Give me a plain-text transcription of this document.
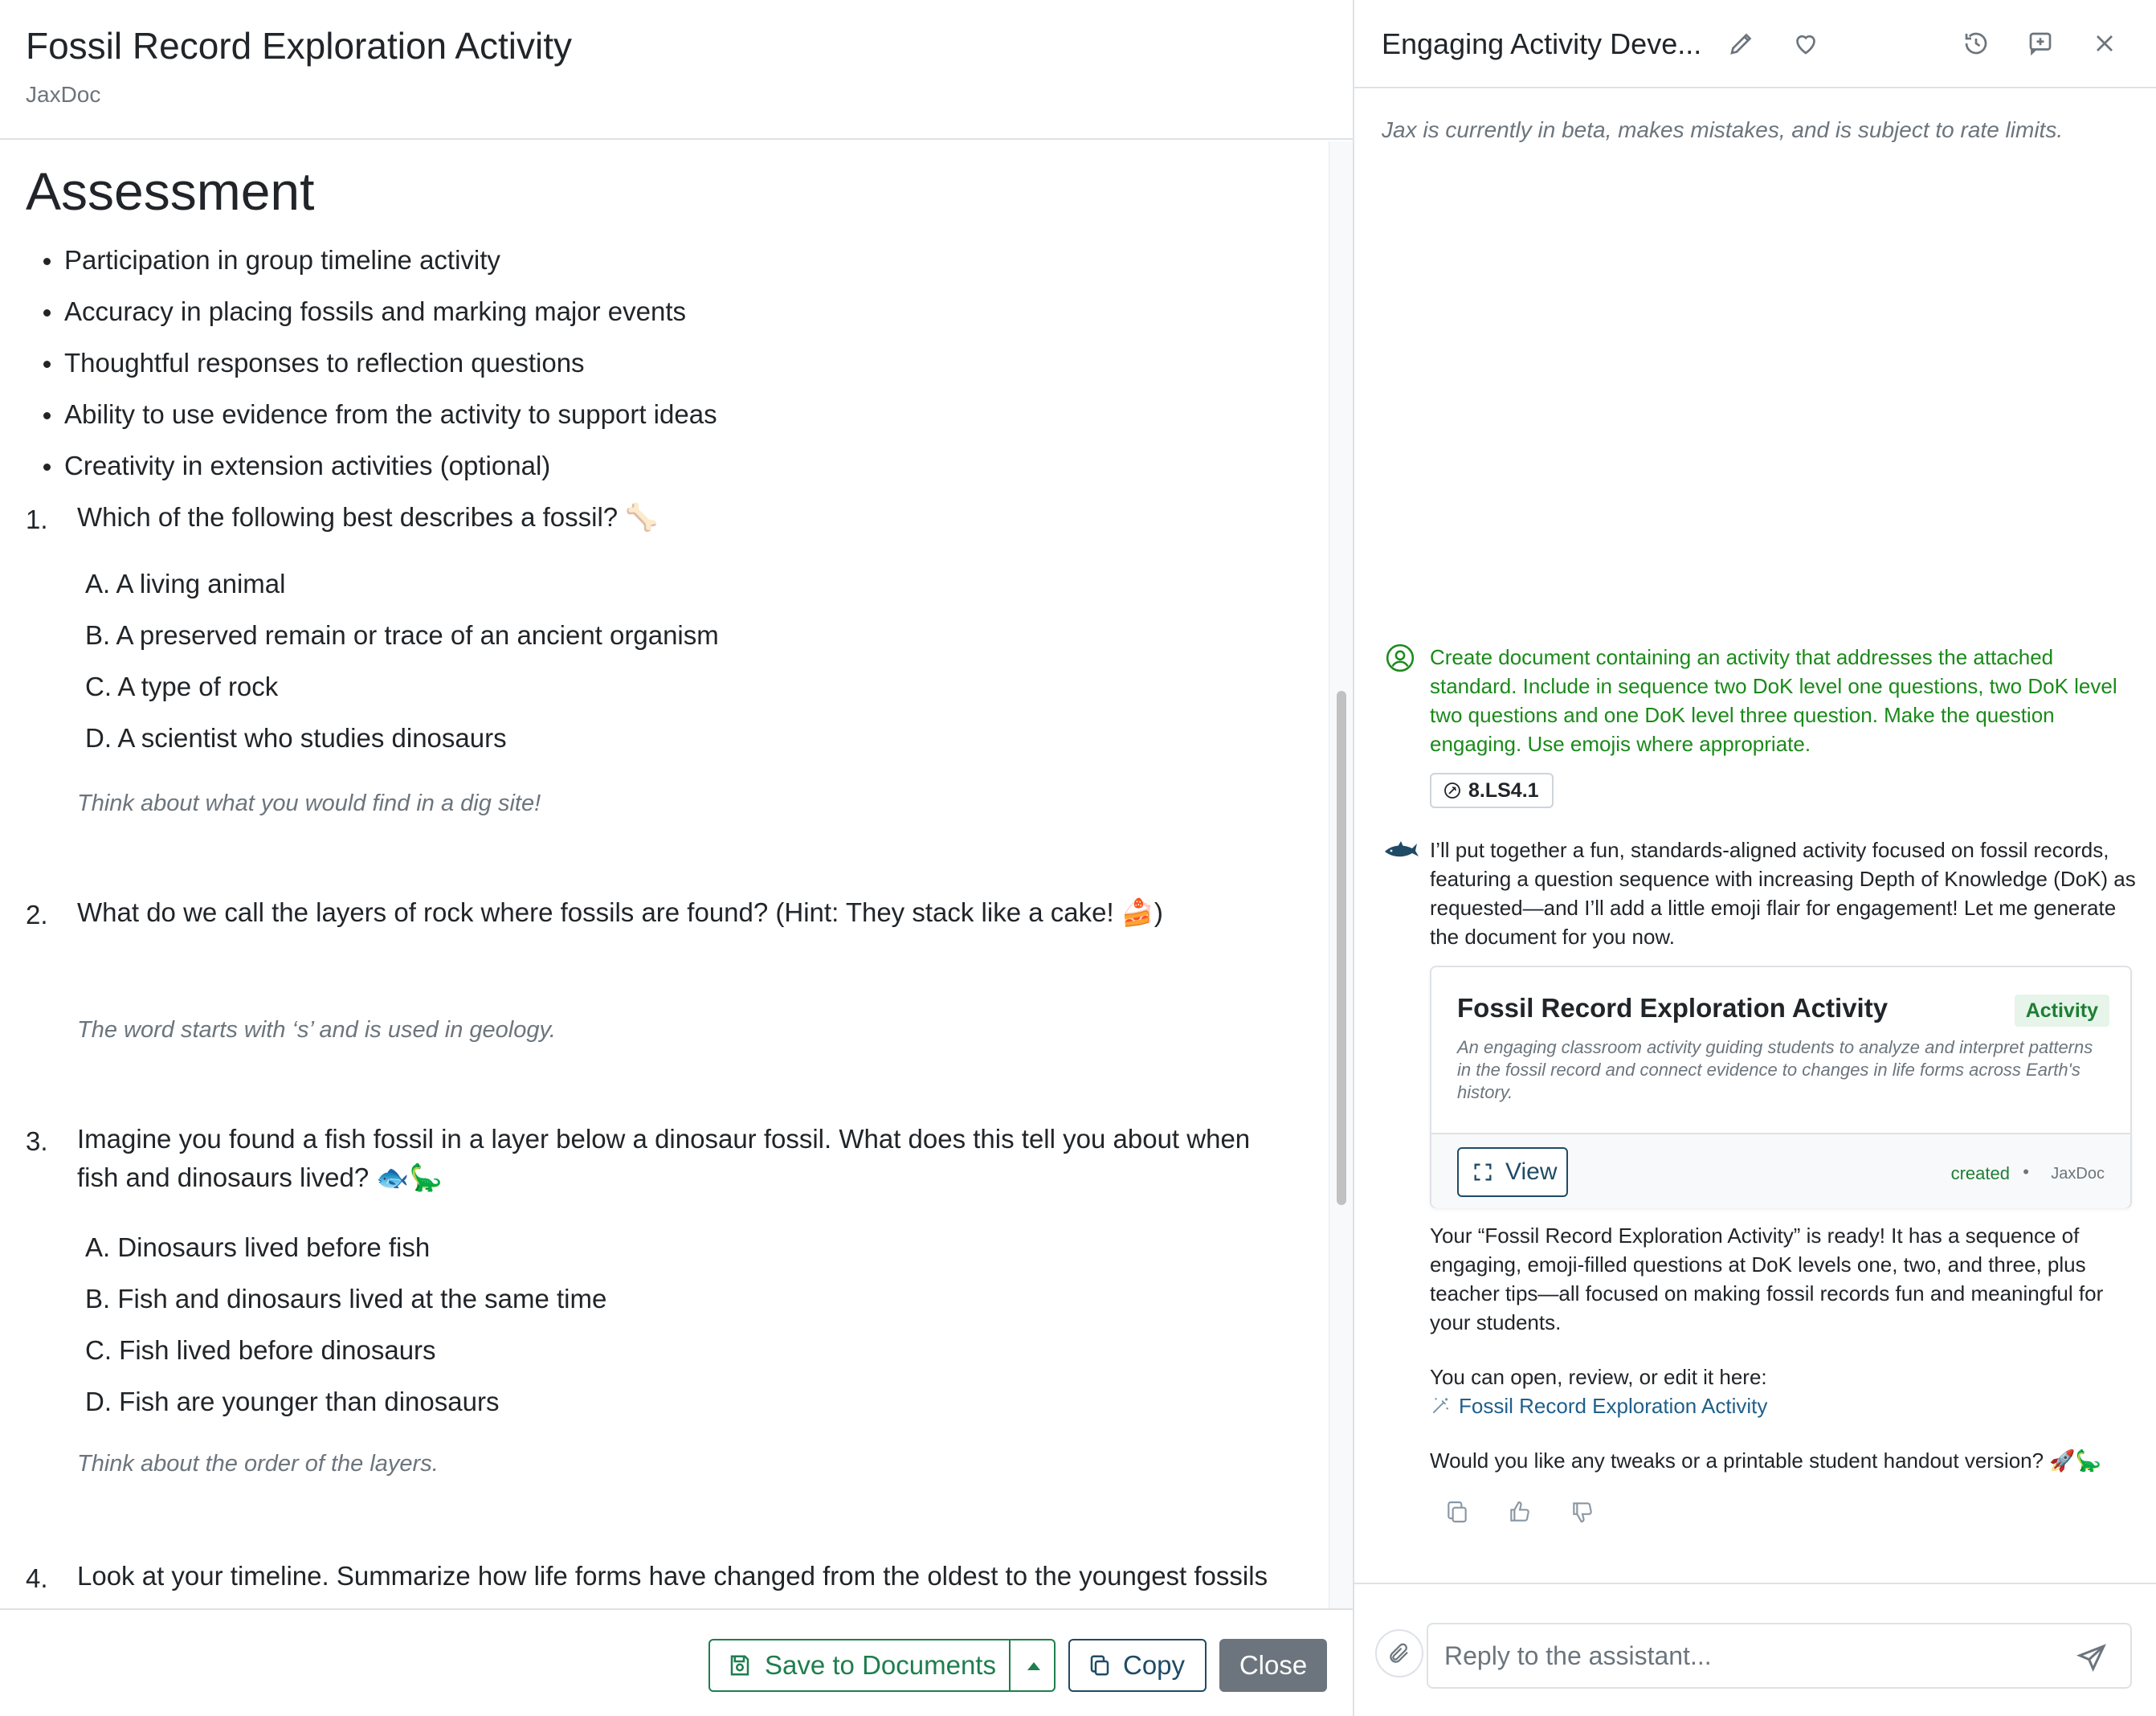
Fossil Record Exploration Activity
JaxDoc
Assessment
Participation in group timeline activity
Accuracy in placing fossils and marking major events
Thoughtful responses to reflection questions
Ability to use evidence from the activity to support ideas
Creativity in extension activities (optional)
1. Which of the following best describes a fossil? 🦴
A. A living animal
B. A preserved remain or trace of an ancient organism
C. A type of rock
D. A scientist who studies dinosaurs
Think about what you would find in a dig site!
2. What do we call the layers of rock where fossils are found? (Hint: They stack like a cake! 🍰)
The word starts with ‘s’ and is used in geology.
3. Imagine you found a fish fossil in a layer below a dinosaur fossil. What does this tell you about when fish and dinosaurs lived? 🐟🦕
A. Dinosaurs lived before fish
B. Fish and dinosaurs lived at the same time
C. Fish lived before dinosaurs
D. Fish are younger than dinosaurs
Think about the order of the layers.
4. Look at your timeline. Summarize how life forms have changed from the oldest to the youngest fossils
Save to Documents	Copy	Close
Engaging Activity Deve...
Jax is currently in beta, makes mistakes, and is subject to rate limits.
Create document containing an activity that addresses the attached standard. Include in sequence two DoK level one questions, two DoK level two questions and one DoK level three question. Make the question engaging. Use emojis where appropriate.
8.LS4.1
I’ll put together a fun, standards-aligned activity focused on fossil records, featuring a question sequence with increasing Depth of Knowledge (DoK) as requested—and I’ll add a little emoji flair for engagement! Let me generate the document for you now.
Fossil Record Exploration Activity	Activity
An engaging classroom activity guiding students to analyze and interpret patterns in the fossil record and connect evidence to changes in life forms across Earth's history.
View	created • JaxDoc
Your “Fossil Record Exploration Activity” is ready! It has a sequence of engaging, emoji-filled questions at DoK levels one, two, and three, plus teacher tips—all focused on making fossil records fun and meaningful for your students.
You can open, review, or edit it here:
Fossil Record Exploration Activity
Would you like any tweaks or a printable student handout version? 🚀🦕
Reply to the assistant...
